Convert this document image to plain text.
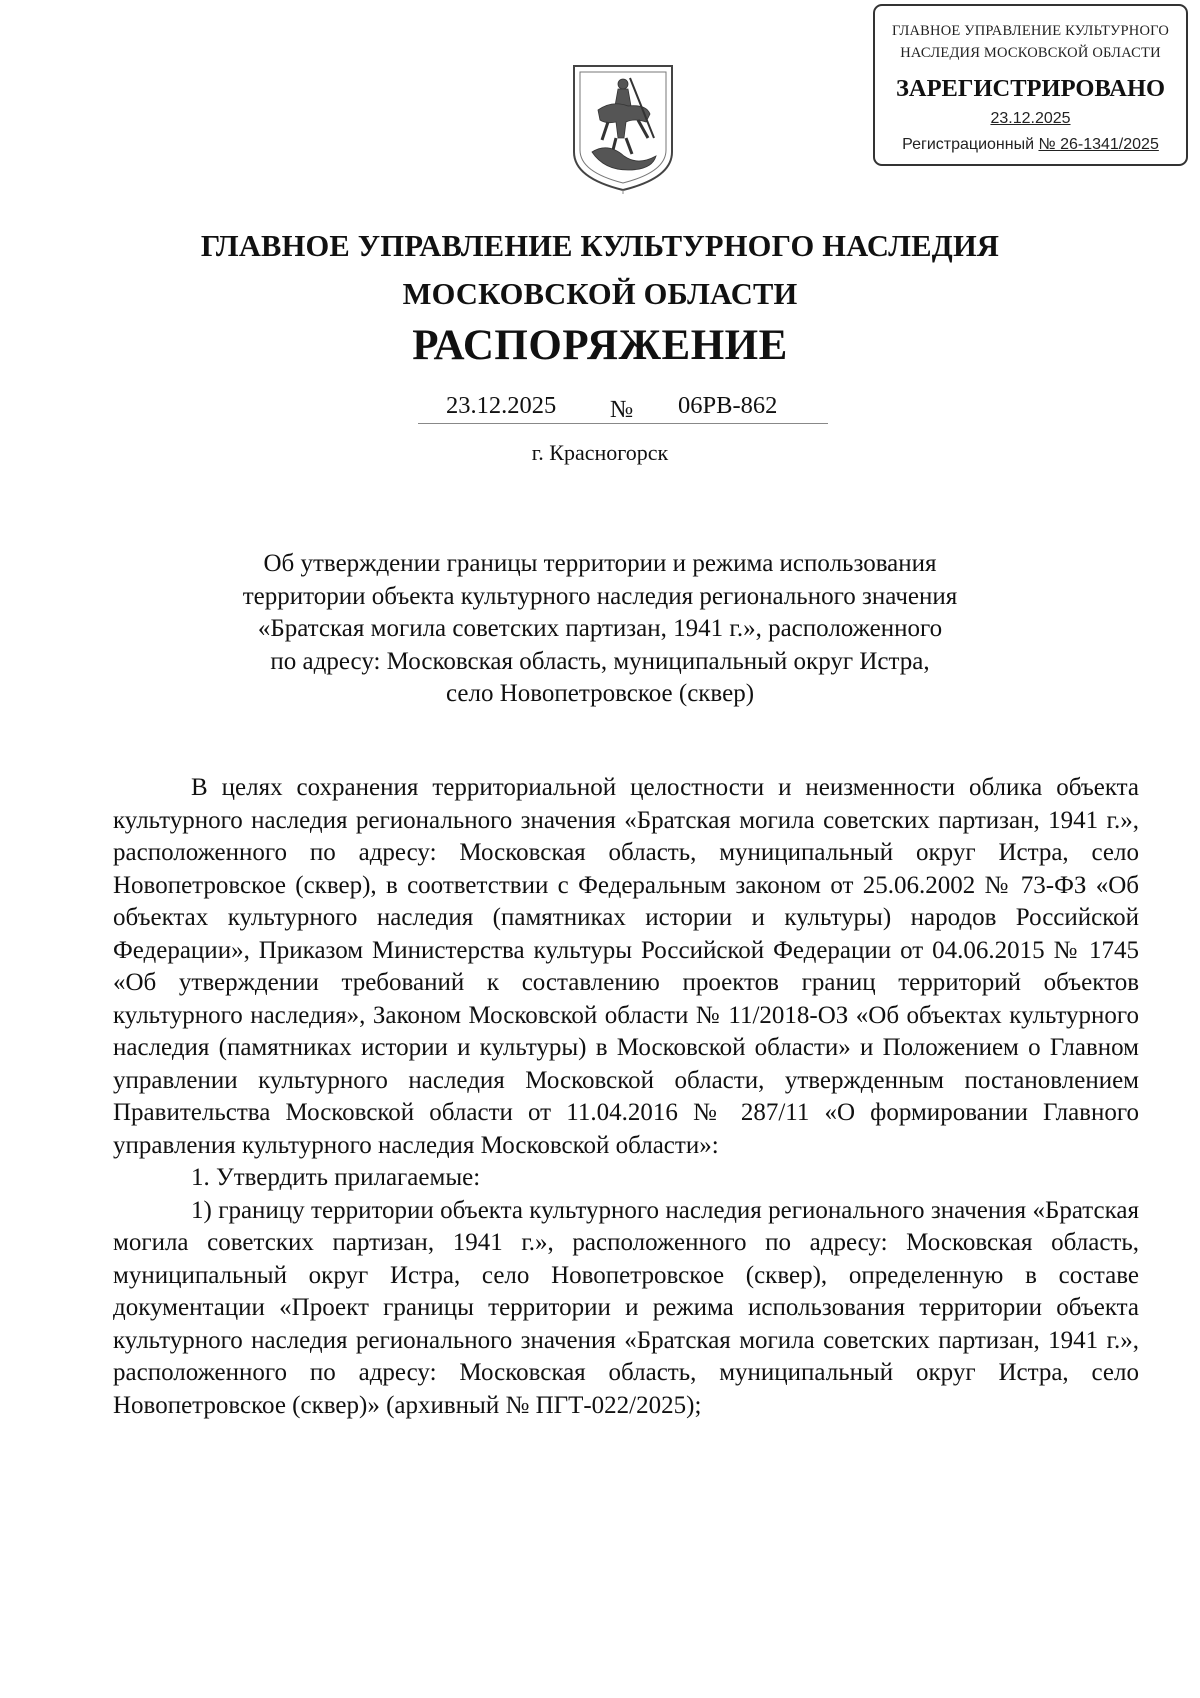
ГЛАВНОЕ УПРАВЛЕНИЕ КУЛЬТУРНОГО
НАСЛЕДИЯ МОСКОВСКОЙ ОБЛАСТИ
ЗАРЕГИСТРИРОВАНО
23.12.2025
Регистрационный № 26-1341/2025
ГЛАВНОЕ УПРАВЛЕНИЕ КУЛЬТУРНОГО НАСЛЕДИЯ
МОСКОВСКОЙ ОБЛАСТИ
РАСПОРЯЖЕНИЕ
23.12.2025 № 06РВ-862
г. Красногорск
Об утверждении границы территории и режима использования
территории объекта культурного наследия регионального значения
«Братская могила советских партизан, 1941 г.», расположенного
по адресу: Московская область, муниципальный округ Истра,
село Новопетровское (сквер)

В целях сохранения территориальной целостности и неизменности облика объекта культурного наследия регионального значения «Братская могила советских партизан, 1941 г.», расположенного по адресу: Московская область, муниципальный округ Истра, село Новопетровское (сквер), в соответствии с Федеральным законом от 25.06.2002 № 73-ФЗ «Об объектах культурного наследия (памятниках истории и культуры) народов Российской Федерации», Приказом Министерства культуры Российской Федерации от 04.06.2015 № 1745 «Об утверждении требований к составлению проектов границ территорий объектов культурного наследия», Законом Московской области № 11/2018-ОЗ «Об объектах культурного наследия (памятниках истории и культуры) в Московской области» и Положением о Главном управлении культурного наследия Московской области, утвержденным постановлением Правительства Московской области от 11.04.2016 № 287/11 «О формировании Главного управления культурного наследия Московской области»:

1. Утвердить прилагаемые:

1) границу территории объекта культурного наследия регионального значения «Братская могила советских партизан, 1941 г.», расположенного по адресу: Московская область, муниципальный округ Истра, село Новопетровское (сквер), определенную в составе документации «Проект границы территории и режима использования территории объекта культурного наследия регионального значения «Братская могила советских партизан, 1941 г.», расположенного по адресу: Московская область, муниципальный округ Истра, село Новопетровское (сквер)» (архивный № ПГТ-022/2025);
